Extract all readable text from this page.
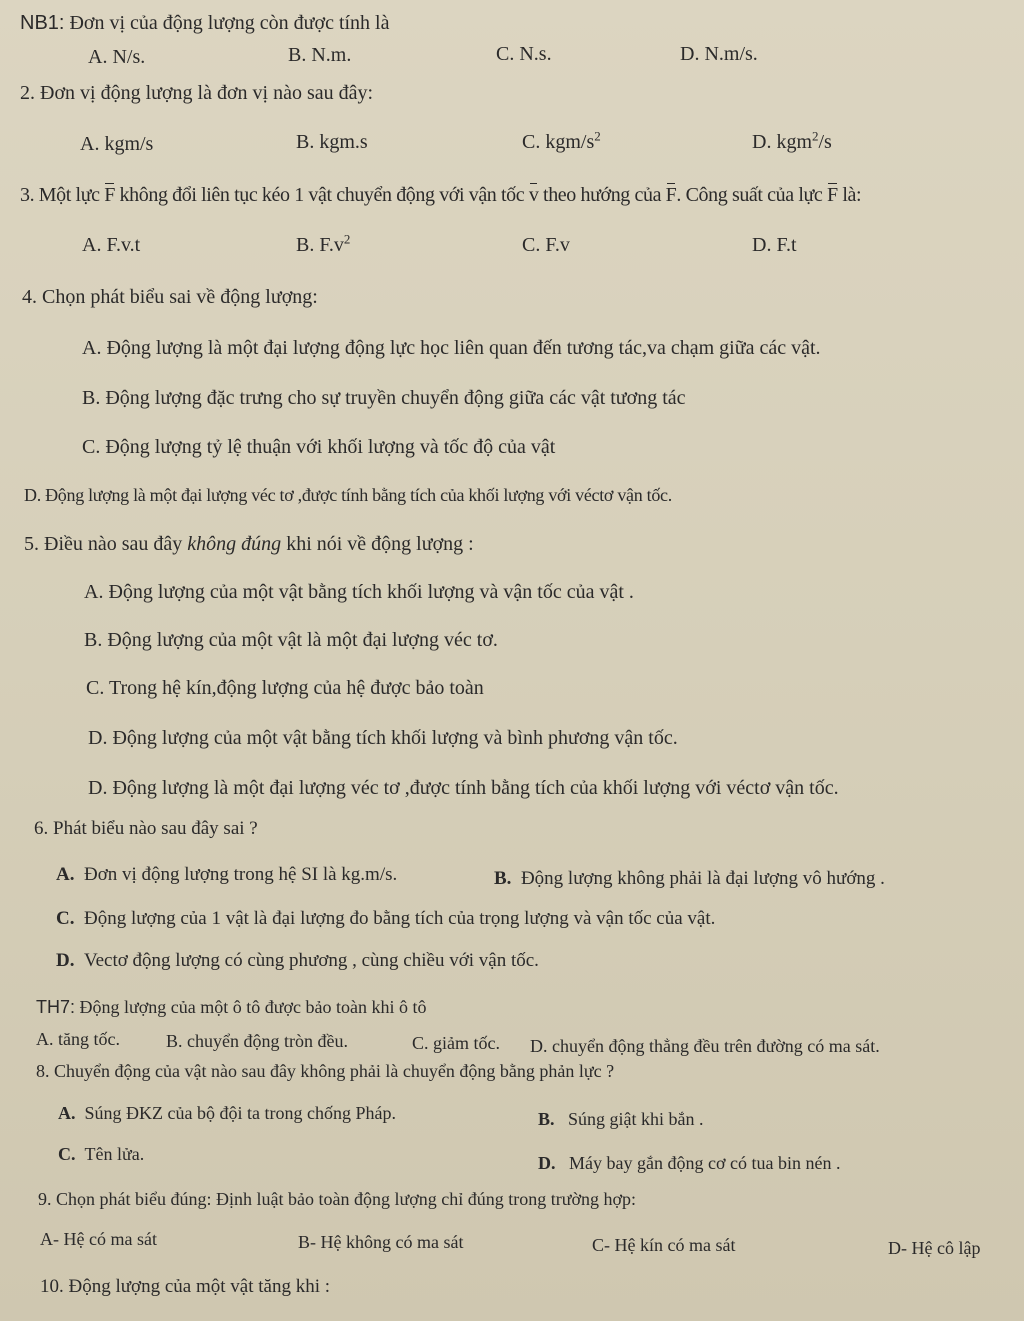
NB1: Đơn vị của động lượng còn được tính là
A. N/s.	B. N.m.	C. N.s.	D. N.m/s.
2. Đơn vị động lượng là đơn vị nào sau đây:
A. kgm/s	B. kgm.s	C. kgm/$s^2$	D. kgm$^2$/s
3. Một lực F không đổi liên tục kéo 1 vật chuyển động với vận tốc v theo hướng của F. Công suất của lực F là:
A. F.v.t	B. $F.v^2$	C. F.v	D. F.t
4. Chọn phát biểu sai về động lượng:
A. Động lượng là một đại lượng động lực học liên quan đến tương tác,va chạm giữa các vật.
B. Động lượng đặc trưng cho sự truyền chuyển động giữa các vật tương tác
C. Động lượng tỷ lệ thuận với khối lượng và tốc độ của vật
D. Động lượng là một đại lượng véc tơ ,được tính bằng tích của khối lượng với véctơ vận tốc.
5. Điều nào sau đây không đúng khi nói về động lượng :
A. Động lượng của một vật bằng tích khối lượng và vận tốc của vật .
B. Động lượng của một vật là một đại lượng véc tơ.
C. Trong hệ kín,động lượng của hệ được bảo toàn
D. Động lượng của một vật bằng tích khối lượng và bình phương vận tốc.
D. Động lượng là một đại lượng véc tơ ,được tính bằng tích của khối lượng với véctơ vận tốc.
6. Phát biểu nào sau đây sai ?
A. Đơn vị động lượng trong hệ SI là kg.m/s.	B. Động lượng không phải là đại lượng vô hướng .
C. Động lượng của 1 vật là đại lượng đo bằng tích của trọng lượng và vận tốc của vật.
D. Vectơ động lượng có cùng phương , cùng chiều với vận tốc.
TH7: Động lượng của một ô tô được bảo toàn khi ô tô
A. tăng tốc.	B. chuyển động tròn đều.	C. giảm tốc. D. chuyển động thẳng đều trên đường có ma sát.
8. Chuyển động của vật nào sau đây không phải là chuyển động bằng phản lực ?
A. Súng ĐKZ của bộ đội ta trong chống Pháp.	B. Súng giật khi bắn .
C. Tên lửa.	D. Máy bay gắn động cơ có tua bin nén .
9. Chọn phát biểu đúng: Định luật bảo toàn động lượng chỉ đúng trong trường hợp:
A- Hệ có ma sát	B- Hệ không có ma sát	C- Hệ kín có ma sát	D- Hệ cô lập
10. Động lượng của một vật tăng khi :
